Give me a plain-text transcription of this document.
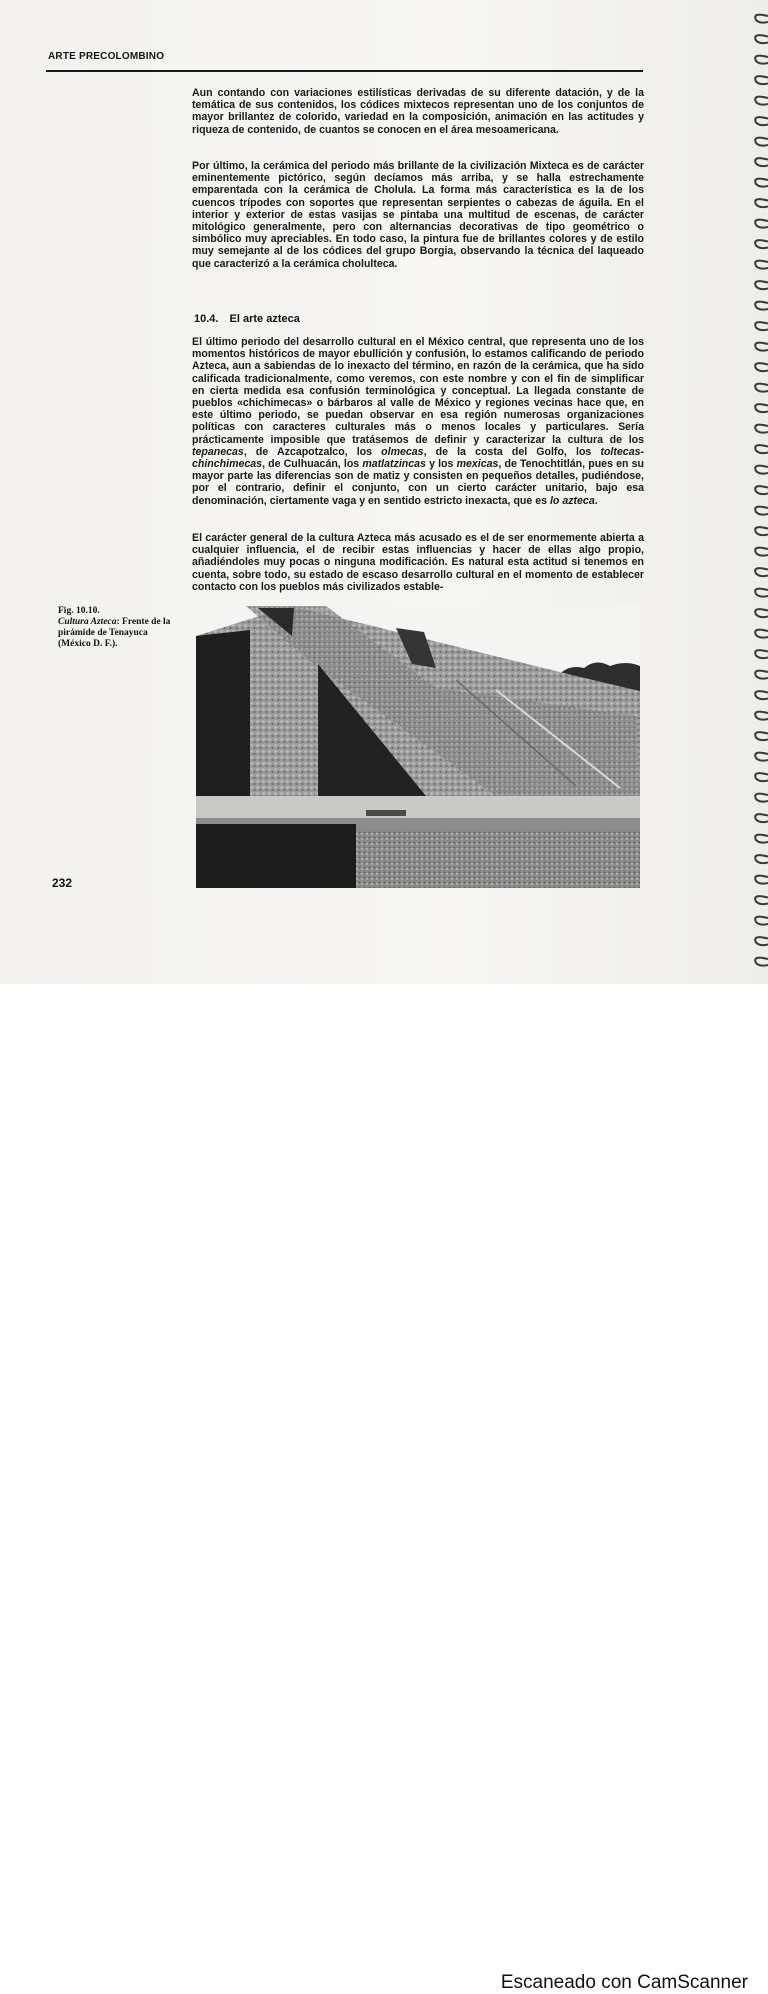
ARTE PRECOLOMBINO

Aun contando con variaciones estilísticas derivadas de su diferente datación, y de la temática de sus contenidos, los códices mixtecos representan uno de los conjuntos de mayor brillantez de colorido, variedad en la composición, animación en las actitudes y riqueza de contenido, de cuantos se conocen en el área mesoamericana.

Por último, la cerámica del periodo más brillante de la civilización Mixteca es de carácter eminentemente pictórico, según decíamos más arriba, y se halla estrechamente emparentada con la cerámica de Cholula. La forma más característica es la de los cuencos trípodes con soportes que representan serpientes o cabezas de águila. En el interior y exterior de estas vasijas se pintaba una multitud de escenas, de carácter mitológico generalmente, pero con alternancias decorativas de tipo geométrico o simbólico muy apreciables. En todo caso, la pintura fue de brillantes colores y de estilo muy semejante al de los códices del grupo Borgia, observando la técnica del laqueado que caracterizó a la cerámica cholulteca.

10.4. El arte azteca

El último periodo del desarrollo cultural en el México central, que representa uno de los momentos históricos de mayor ebullición y confusión, lo estamos calificando de periodo Azteca, aun a sabiendas de lo inexacto del término, en razón de la cerámica, que ha sido calificada tradicionalmente, como veremos, con este nombre y con el fin de simplificar en cierta medida esa confusión terminológica y conceptual. La llegada constante de pueblos «chichimecas» o bárbaros al valle de México y regiones vecinas hace que, en este último periodo, se puedan observar en esa región numerosas organizaciones políticas con caracteres culturales más o menos locales y particulares. Sería prácticamente imposible que tratásemos de definir y caracterizar la cultura de los tepanecas, de Azcapotzalco, los olmecas, de la costa del Golfo, los toltecas-chinchimecas, de Culhuacán, los matlatzincas y los mexicas, de Tenochtitlán, pues en su mayor parte las diferencias son de matiz y consisten en pequeños detalles, pudiéndose, por el contrario, definir el conjunto, con un cierto carácter unitario, bajo esa denominación, ciertamente vaga y en sentido estricto inexacta, que es lo azteca.

El carácter general de la cultura Azteca más acusado es el de ser enormemente abierta a cualquier influencia, el de recibir estas influencias y hacer de ellas algo propio, añadiéndoles muy pocas o ninguna modificación. Es natural esta actitud si tenemos en cuenta, sobre todo, su estado de escaso desarrollo cultural en el momento de establecer contacto con los pueblos más civilizados estable-

Fig. 10.10.
Cultura Azteca: Frente de la pirámide de Tenayuca (México D. F.).
232
Escaneado con CamScanner
